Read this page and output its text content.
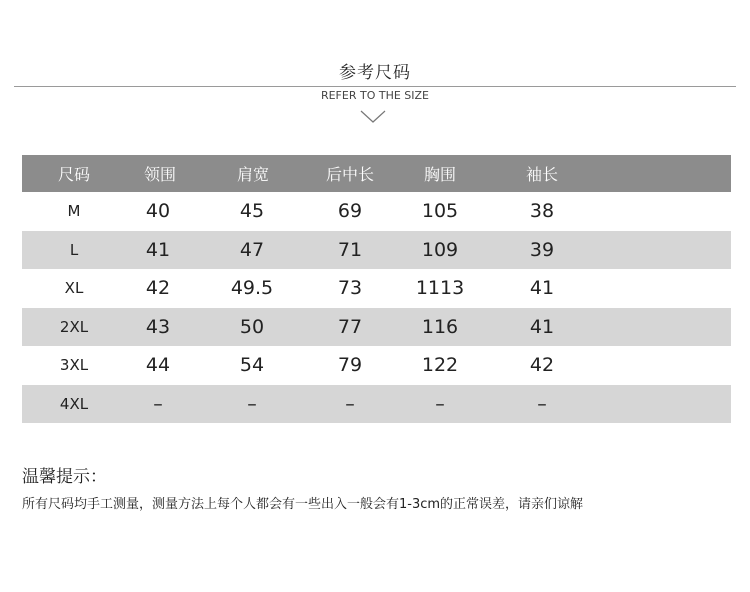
参考尺码
REFER TO THE SIZE
尺码	领围	肩宽	后中长	胸围	袖长
M	40	45	69	105	38
L	41	47	71	109	39
XL	42	49.5	73	1113	41
2XL	43	50	77	116	41
3XL	44	54	79	122	42
4XL	–	–	–	–	–
温馨提示：
所有尺码均手工测量，测量方法上每个人都会有一些出入一般会有1-3cm的正常误差，请亲们谅解
